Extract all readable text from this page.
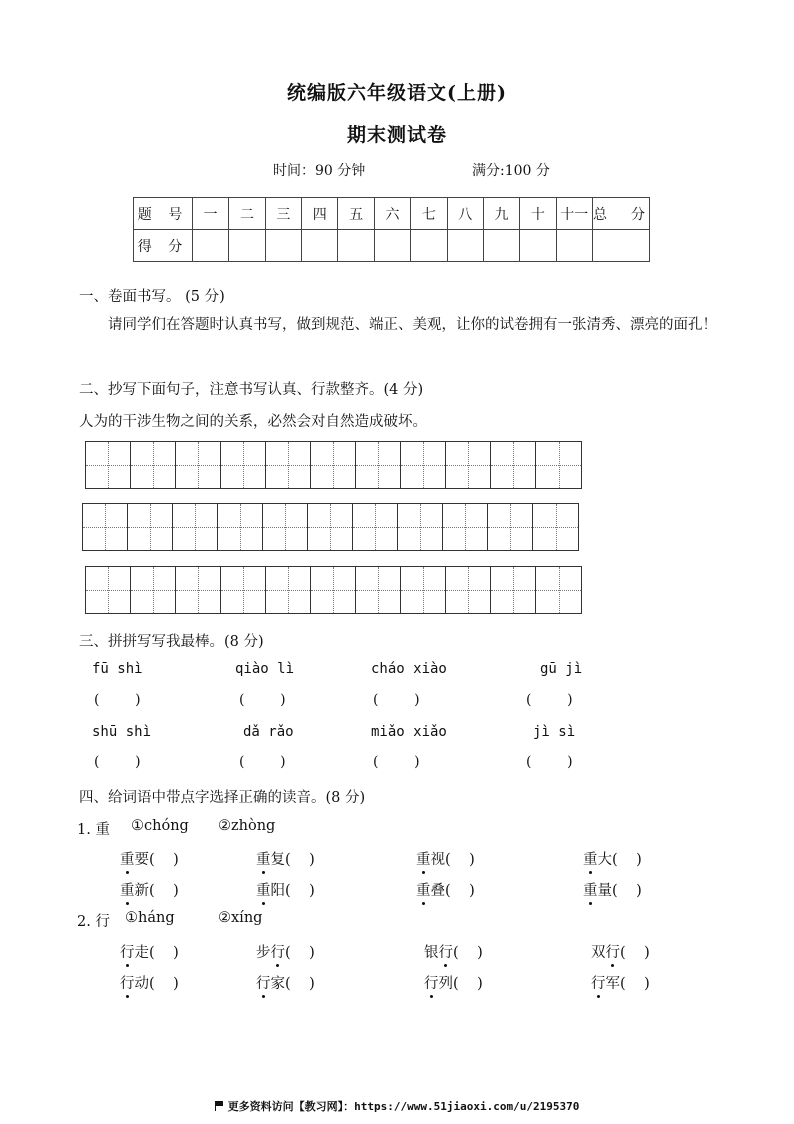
统编版六年级语文(上册)
期末测试卷
时间：90 分钟	满分:100 分
题 号	一	二	三	四	五	六	七	八	九	十	十一	总 分
得 分												
一、卷面书写。 (5 分)
请同学们在答题时认真书写，做到规范、端正、美观，让你的试卷拥有一张清秀、漂亮的面孔！
二、抄写下面句子，注意书写认真、行款整齐。(4 分)
人为的干涉生物之间的关系，必然会对自然造成破坏。
三、拼拼写写我最棒。(8 分)
fū shì	qiào lì	cháo xiào	gū jì
(        )	(        )	(        )	(        )
shū shì	dǎ rǎo	miǎo xiǎo	jì sì
(        )	(        )	(        )	(        )
四、给词语中带点字选择正确的读音。(8 分)
1. 重 ①chóng ②zhòng
重要(    )	重复(    )	重视(    )	重大(    )
重新(    )	重阳(    )	重叠(    )	重量(    )
2. 行 ①háng	②xíng
行走(    )	步行(    )	银行(    )	双行(    )
行动(    )	行家(    )	行列(    )	行军(    )
更多资料访问【教习网】：https://www.51jiaoxi.com/u/2195370
